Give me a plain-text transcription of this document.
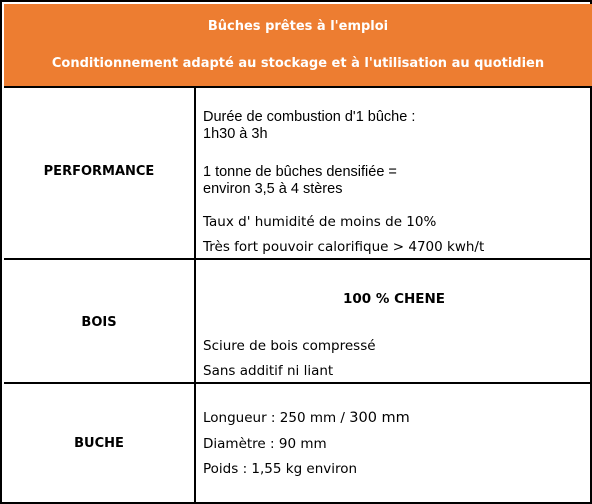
Bûches prêtes à l'emploi
Conditionnement adapté au stockage et à l'utilisation au quotidien
PERFORMANCE
Durée de combustion d'1 bûche :
1h30 à 3h
1 tonne de bûches densifiée =
environ 3,5 à 4 stères
Taux d' humidité de moins de 10%
Très fort pouvoir calorifique > 4700 kwh/t
BOIS
100 % CHENE
Sciure de bois compressé
Sans additif ni liant
BUCHE
Longueur : 250 mm / 300 mm
Diamètre : 90 mm
Poids : 1,55 kg environ
